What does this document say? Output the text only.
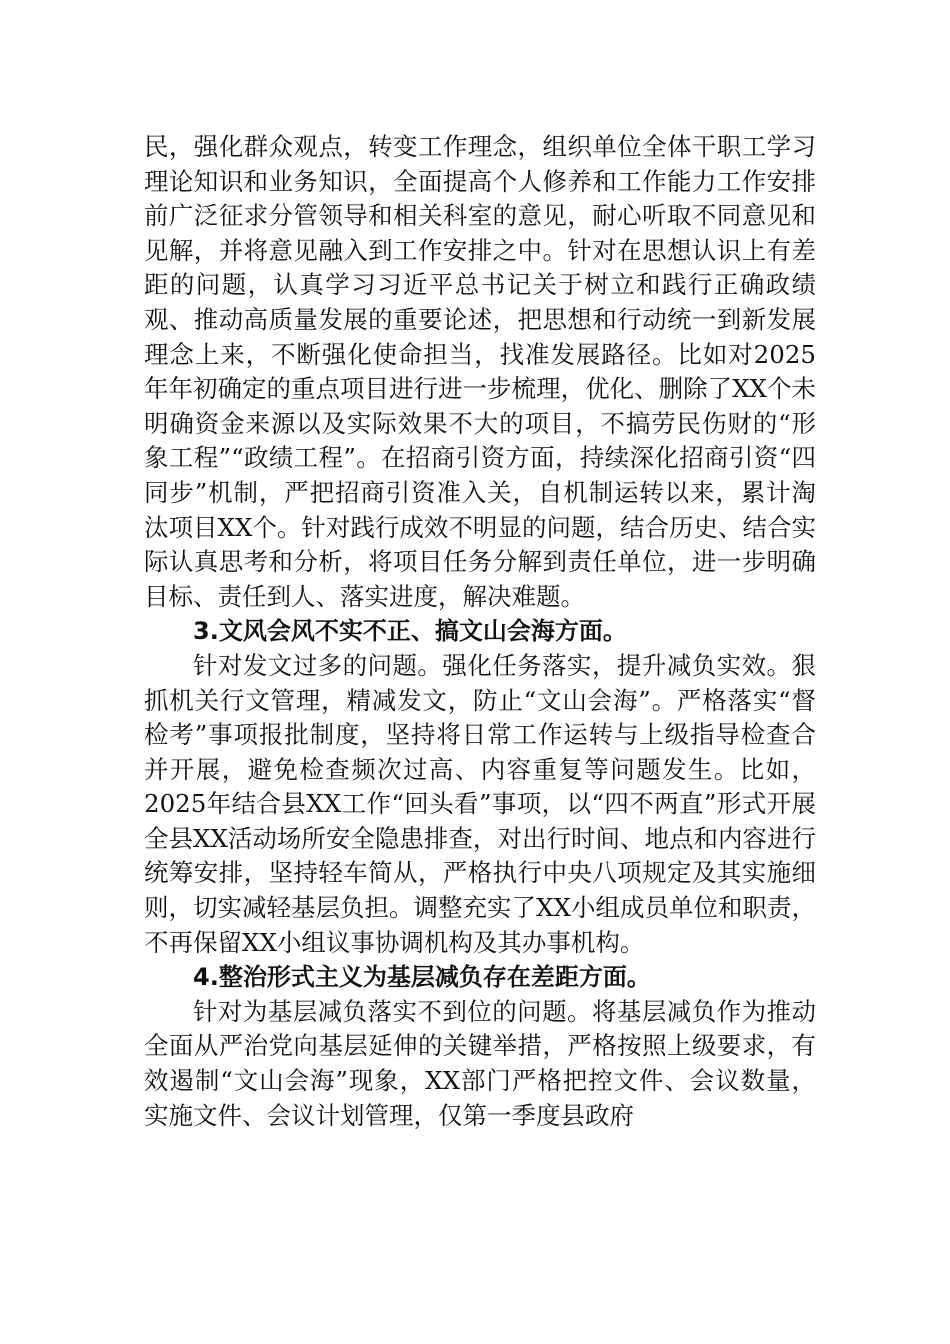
民，强化群众观点，转变工作理念，组织单位全体干职工学习理论知识和业务知识，全面提高个人修养和工作能力工作安排前广泛征求分管领导和相关科室的意见，耐心听取不同意见和见解，并将意见融入到工作安排之中。针对在思想认识上有差距的问题，认真学习习近平总书记关于树立和践行正确政绩观、推动高质量发展的重要论述，把思想和行动统一到新发展理念上来，不断强化使命担当，找准发展路径。比如对2025年年初确定的重点项目进行进一步梳理，优化、删除了XX个未明确资金来源以及实际效果不大的项目，不搞劳民伤财的“形象工程”“政绩工程”。在招商引资方面，持续深化招商引资“四同步”机制，严把招商引资准入关，自机制运转以来，累计淘汰项目XX个。针对践行成效不明显的问题，结合历史、结合实际认真思考和分析，将项目任务分解到责任单位，进一步明确目标、责任到人、落实进度，解决难题。

3.文风会风不实不正、搞文山会海方面。

针对发文过多的问题。强化任务落实，提升减负实效。狠抓机关行文管理，精减发文，防止“文山会海”。严格落实“督检考”事项报批制度，坚持将日常工作运转与上级指导检查合并开展，避免检查频次过高、内容重复等问题发生。比如，2025年结合县XX工作“回头看”事项，以“四不两直”形式开展全县XX活动场所安全隐患排查，对出行时间、地点和内容进行统筹安排，坚持轻车简从，严格执行中央八项规定及其实施细则，切实减轻基层负担。调整充实了XX小组成员单位和职责，不再保留XX小组议事协调机构及其办事机构。

4.整治形式主义为基层减负存在差距方面。

针对为基层减负落实不到位的问题。将基层减负作为推动全面从严治党向基层延伸的关键举措，严格按照上级要求，有效遏制“文山会海”现象，XX部门严格把控文件、会议数量，实施文件、会议计划管理，仅第一季度县政府
